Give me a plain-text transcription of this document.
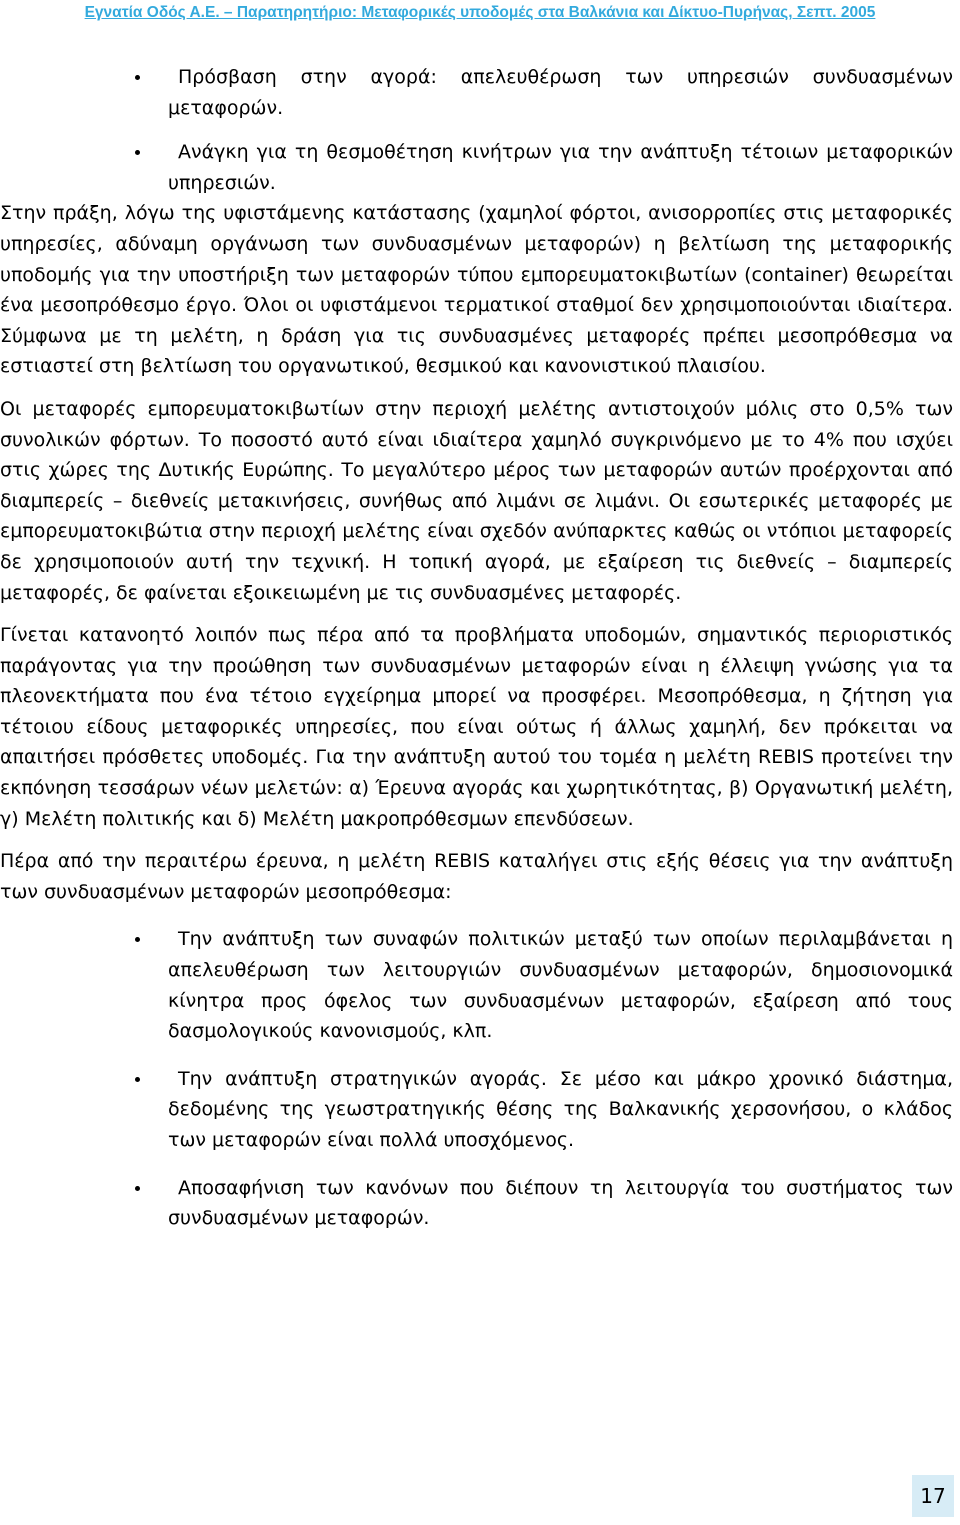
Εγνατία Οδός Α.Ε. – Παρατηρητήριο: Μεταφορικές υποδομές στα Βαλκάνια και Δίκτυο-Πυρήνας, Σεπτ. 2005
Πρόσβαση στην αγορά: απελευθέρωση των υπηρεσιών συνδυασμένων μεταφορών.
Ανάγκη για τη θεσμοθέτηση κινήτρων για την ανάπτυξη τέτοιων μεταφορικών υπηρεσιών.

Στην πράξη, λόγω της υφιστάμενης κατάστασης (χαμηλοί φόρτοι, ανισορροπίες στις μεταφορικές υπηρεσίες, αδύναμη οργάνωση των συνδυασμένων μεταφορών) η βελτίωση της μεταφορικής υποδομής για την υποστήριξη των μεταφορών τύπου εμπορευματοκιβωτίων (container) θεωρείται ένα μεσοπρόθεσμο έργο. Όλοι οι υφιστάμενοι τερματικοί σταθμοί δεν χρησιμοποιούνται ιδιαίτερα. Σύμφωνα με τη μελέτη, η δράση για τις συνδυασμένες μεταφορές πρέπει μεσοπρόθεσμα να εστιαστεί στη βελτίωση του οργανωτικού, θεσμικού και κανονιστικού πλαισίου.

Οι μεταφορές εμπορευματοκιβωτίων στην περιοχή μελέτης αντιστοιχούν μόλις στο 0,5% των συνολικών φόρτων. Το ποσοστό αυτό είναι ιδιαίτερα χαμηλό συγκρινόμενο με το 4% που ισχύει στις χώρες της Δυτικής Ευρώπης. Το μεγαλύτερο μέρος των μεταφορών αυτών προέρχονται από διαμπερείς – διεθνείς μετακινήσεις, συνήθως από λιμάνι σε λιμάνι. Οι εσωτερικές μεταφορές με εμπορευματοκιβώτια στην περιοχή μελέτης είναι σχεδόν ανύπαρκτες καθώς οι ντόπιοι μεταφορείς δε χρησιμοποιούν αυτή την τεχνική. Η τοπική αγορά, με εξαίρεση τις διεθνείς – διαμπερείς μεταφορές, δε φαίνεται εξοικειωμένη με τις συνδυασμένες μεταφορές.

Γίνεται κατανοητό λοιπόν πως πέρα από τα προβλήματα υποδομών, σημαντικός περιοριστικός παράγοντας για την προώθηση των συνδυασμένων μεταφορών είναι η έλλειψη γνώσης για τα πλεονεκτήματα που ένα τέτοιο εγχείρημα μπορεί να προσφέρει. Μεσοπρόθεσμα, η ζήτηση για τέτοιου είδους μεταφορικές υπηρεσίες, που είναι ούτως ή άλλως χαμηλή, δεν πρόκειται να απαιτήσει πρόσθετες υποδομές. Για την ανάπτυξη αυτού του τομέα η μελέτη REBIS προτείνει την εκπόνηση τεσσάρων νέων μελετών: α) Έρευνα αγοράς και χωρητικότητας, β) Οργανωτική μελέτη, γ) Μελέτη πολιτικής και δ) Μελέτη μακροπρόθεσμων επενδύσεων.

Πέρα από την περαιτέρω έρευνα, η μελέτη REBIS καταλήγει στις εξής θέσεις για την ανάπτυξη των συνδυασμένων μεταφορών μεσοπρόθεσμα:

Την ανάπτυξη των συναφών πολιτικών μεταξύ των οποίων περιλαμβάνεται η απελευθέρωση των λειτουργιών συνδυασμένων μεταφορών, δημοσιονομικά κίνητρα προς όφελος των συνδυασμένων μεταφορών, εξαίρεση από τους δασμολογικούς κανονισμούς, κλπ.
Την ανάπτυξη στρατηγικών αγοράς. Σε μέσο και μάκρο χρονικό διάστημα, δεδομένης της γεωστρατηγικής θέσης της Βαλκανικής χερσονήσου, ο κλάδος των μεταφορών είναι πολλά υποσχόμενος.
Αποσαφήνιση των κανόνων που διέπουν τη λειτουργία του συστήματος των συνδυασμένων μεταφορών.
17
